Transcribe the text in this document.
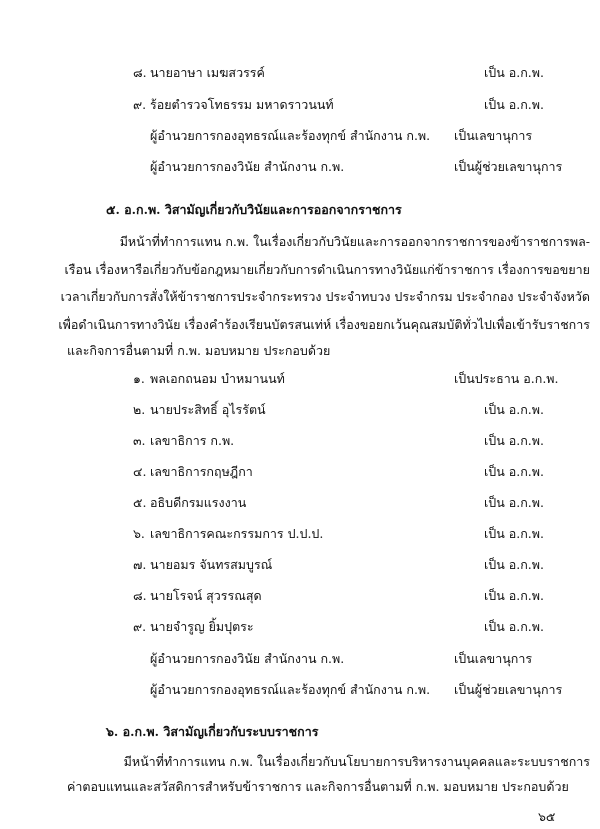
๘. นายอาษา เมฆสวรรค์	เป็น อ.ก.พ.
๙. ร้อยตำรวจโทธรรม มหาดราวนนท์	เป็น อ.ก.พ.
ผู้อำนวยการกองอุทธรณ์และร้องทุกข์ สำนักงาน ก.พ. เป็นเลขานุการ
ผู้อำนวยการกองวินัย สำนักงาน ก.พ.	เป็นผู้ช่วยเลขานุการ
๕. อ.ก.พ. วิสามัญเกี่ยวกับวินัยและการออกจากราชการ
มีหน้าที่ทำการแทน ก.พ. ในเรื่องเกี่ยวกับวินัยและการออกจากราชการของข้าราชการพล-
เรือน เรื่องหารือเกี่ยวกับข้อกฎหมายเกี่ยวกับการดำเนินการทางวินัยแก่ข้าราชการ เรื่องการขอขยาย
เวลาเกี่ยวกับการสั่งให้ข้าราชการประจำกระทรวง ประจำทบวง ประจำกรม ประจำกอง ประจำจังหวัด
เพื่อดำเนินการทางวินัย เรื่องคำร้องเรียนบัตรสนเท่ห์ เรื่องขอยกเว้นคุณสมบัติทั่วไปเพื่อเข้ารับราชการ
และกิจการอื่นตามที่ ก.พ. มอบหมาย ประกอบด้วย
๑. พลเอกถนอม บำหมานนท์	เป็นประธาน อ.ก.พ.
๒. นายประสิทธิ์ อุไรรัตน์	เป็น อ.ก.พ.
๓. เลขาธิการ ก.พ.	เป็น อ.ก.พ.
๔. เลขาธิการกฤษฎีกา	เป็น อ.ก.พ.
๕. อธิบดีกรมแรงงาน	เป็น อ.ก.พ.
๖. เลขาธิการคณะกรรมการ ป.ป.ป.	เป็น อ.ก.พ.
๗. นายอมร จันทรสมบูรณ์	เป็น อ.ก.พ.
๘. นายโรจน์ สุวรรณสุด	เป็น อ.ก.พ.
๙. นายจำรูญ ยิ้มปุตระ	เป็น อ.ก.พ.
ผู้อำนวยการกองวินัย สำนักงาน ก.พ.	เป็นเลขานุการ
ผู้อำนวยการกองอุทธรณ์และร้องทุกข์ สำนักงาน ก.พ. เป็นผู้ช่วยเลขานุการ
๖. อ.ก.พ. วิสามัญเกี่ยวกับระบบราชการ
มีหน้าที่ทำการแทน ก.พ. ในเรื่องเกี่ยวกับนโยบายการบริหารงานบุคคลและระบบราชการ
ค่าตอบแทนและสวัสดิการสำหรับข้าราชการ และกิจการอื่นตามที่ ก.พ. มอบหมาย ประกอบด้วย
๖๕
